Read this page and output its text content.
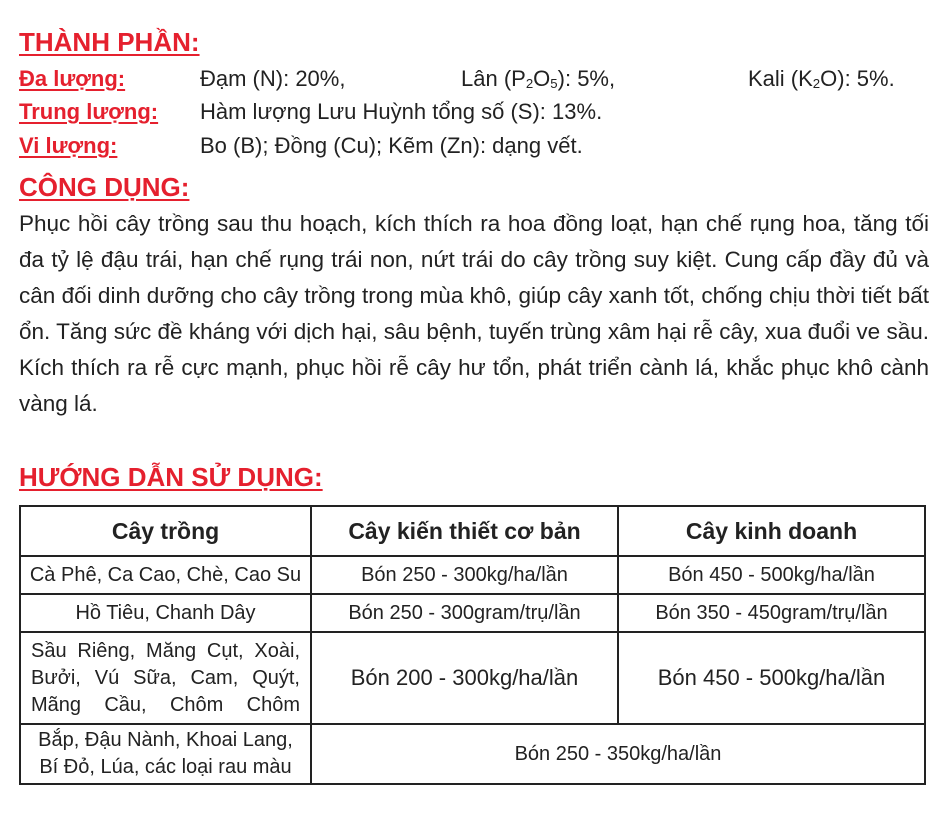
THÀNH PHẦN:
Đa lượng:	Đạm (N): 20%,	Lân $(P_2O_5)$: 5%,	Kali $(K_2O)$: 5%.
Trung lượng: Hàm lượng Lưu Huỳnh tổng số (S): 13%.
Vi lượng:	Bo (B); Đồng (Cu); Kẽm (Zn): dạng vết.
CÔNG DỤNG:
Phục hồi cây trồng sau thu hoạch, kích thích ra hoa đồng loạt, hạn chế rụng hoa, tăng tối đa tỷ lệ đậu trái, hạn chế rụng trái non, nứt trái do cây trồng suy kiệt. Cung cấp đầy đủ và cân đối dinh dưỡng cho cây trồng trong mùa khô, giúp cây xanh tốt, chống chịu thời tiết bất ổn. Tăng sức đề kháng với dịch hại, sâu bệnh, tuyến trùng xâm hại rễ cây, xua đuổi ve sầu. Kích thích ra rễ cực mạnh, phục hồi rễ cây hư tổn, phát triển cành lá, khắc phục khô cành vàng lá.
HƯỚNG DẪN SỬ DỤNG:
Cây trồng	Cây kiến thiết cơ bản	Cây kinh doanh
Cà Phê, Ca Cao, Chè, Cao Su	Bón 250 - 300kg/ha/lần	Bón 450 - 500kg/ha/lần
Hồ Tiêu, Chanh Dây	Bón 250 - 300gram/trụ/lần	Bón 350 - 450gram/trụ/lần

Sầu Riêng, Măng Cụt, Xoài,
Bưởi, Vú Sữa, Cam, Quýt,
Mãng Cầu, Chôm Chôm	Bón 200 - 300kg/ha/lần	Bón 450 - 500kg/ha/lần

Bắp, Đậu Nành, Khoai Lang,
Bí Đỏ, Lúa, các loại rau màu	Bón 250 - 350kg/ha/lần	
